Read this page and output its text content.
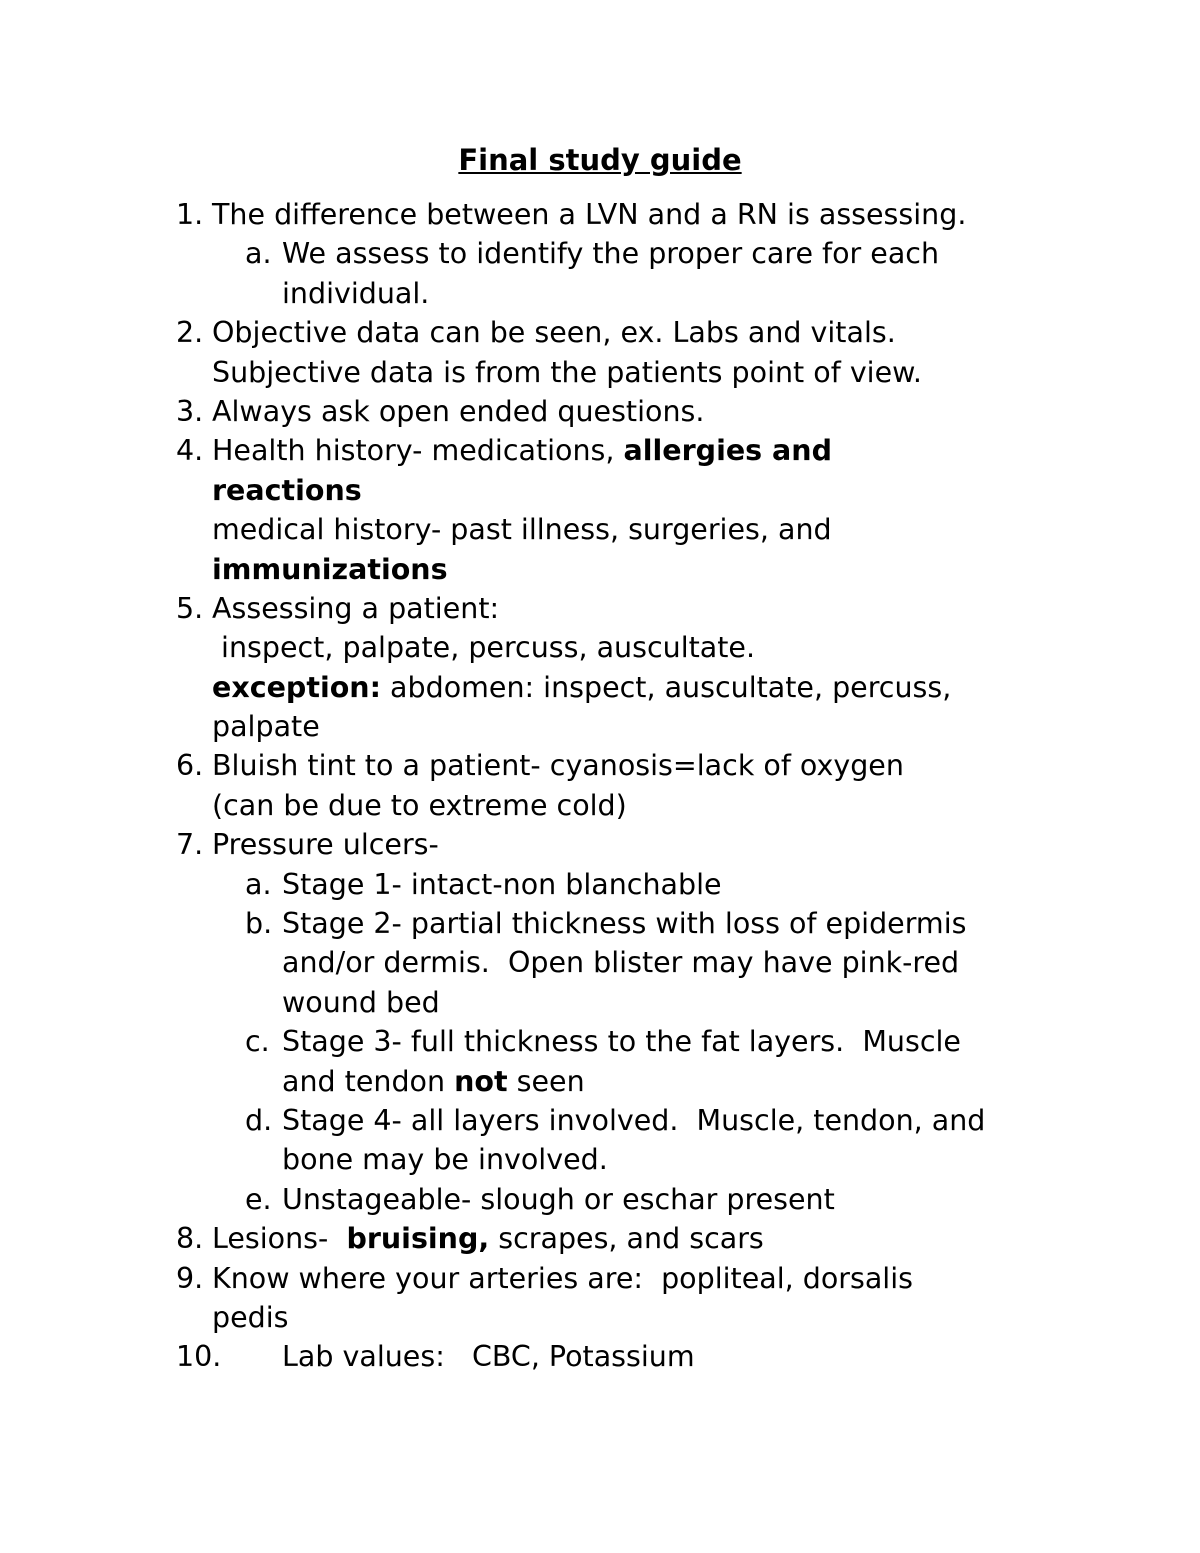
Final study guide
1. The difference between a LVN and a RN is assessing.
a. We assess to identify the proper care for each
individual.
2. Objective data can be seen, ex. Labs and vitals.
Subjective data is from the patients point of view.
3. Always ask open ended questions.
4. Health history- medications, allergies and
reactions
medical history- past illness, surgeries, and
immunizations
5. Assessing a patient:
inspect, palpate, percuss, auscultate.
exception: abdomen: inspect, auscultate, percuss,
palpate
6. Bluish tint to a patient- cyanosis=lack of oxygen
(can be due to extreme cold)
7. Pressure ulcers-
a. Stage 1- intact-non blanchable
b. Stage 2- partial thickness with loss of epidermis
and/or dermis.  Open blister may have pink-red
wound bed
c. Stage 3- full thickness to the fat layers.  Muscle
and tendon not seen
d. Stage 4- all layers involved.  Muscle, tendon, and
bone may be involved.
e. Unstageable- slough or eschar present
8. Lesions-  bruising, scrapes, and scars
9. Know where your arteries are:  popliteal, dorsalis
pedis
10. Lab values:   CBC, Potassium
